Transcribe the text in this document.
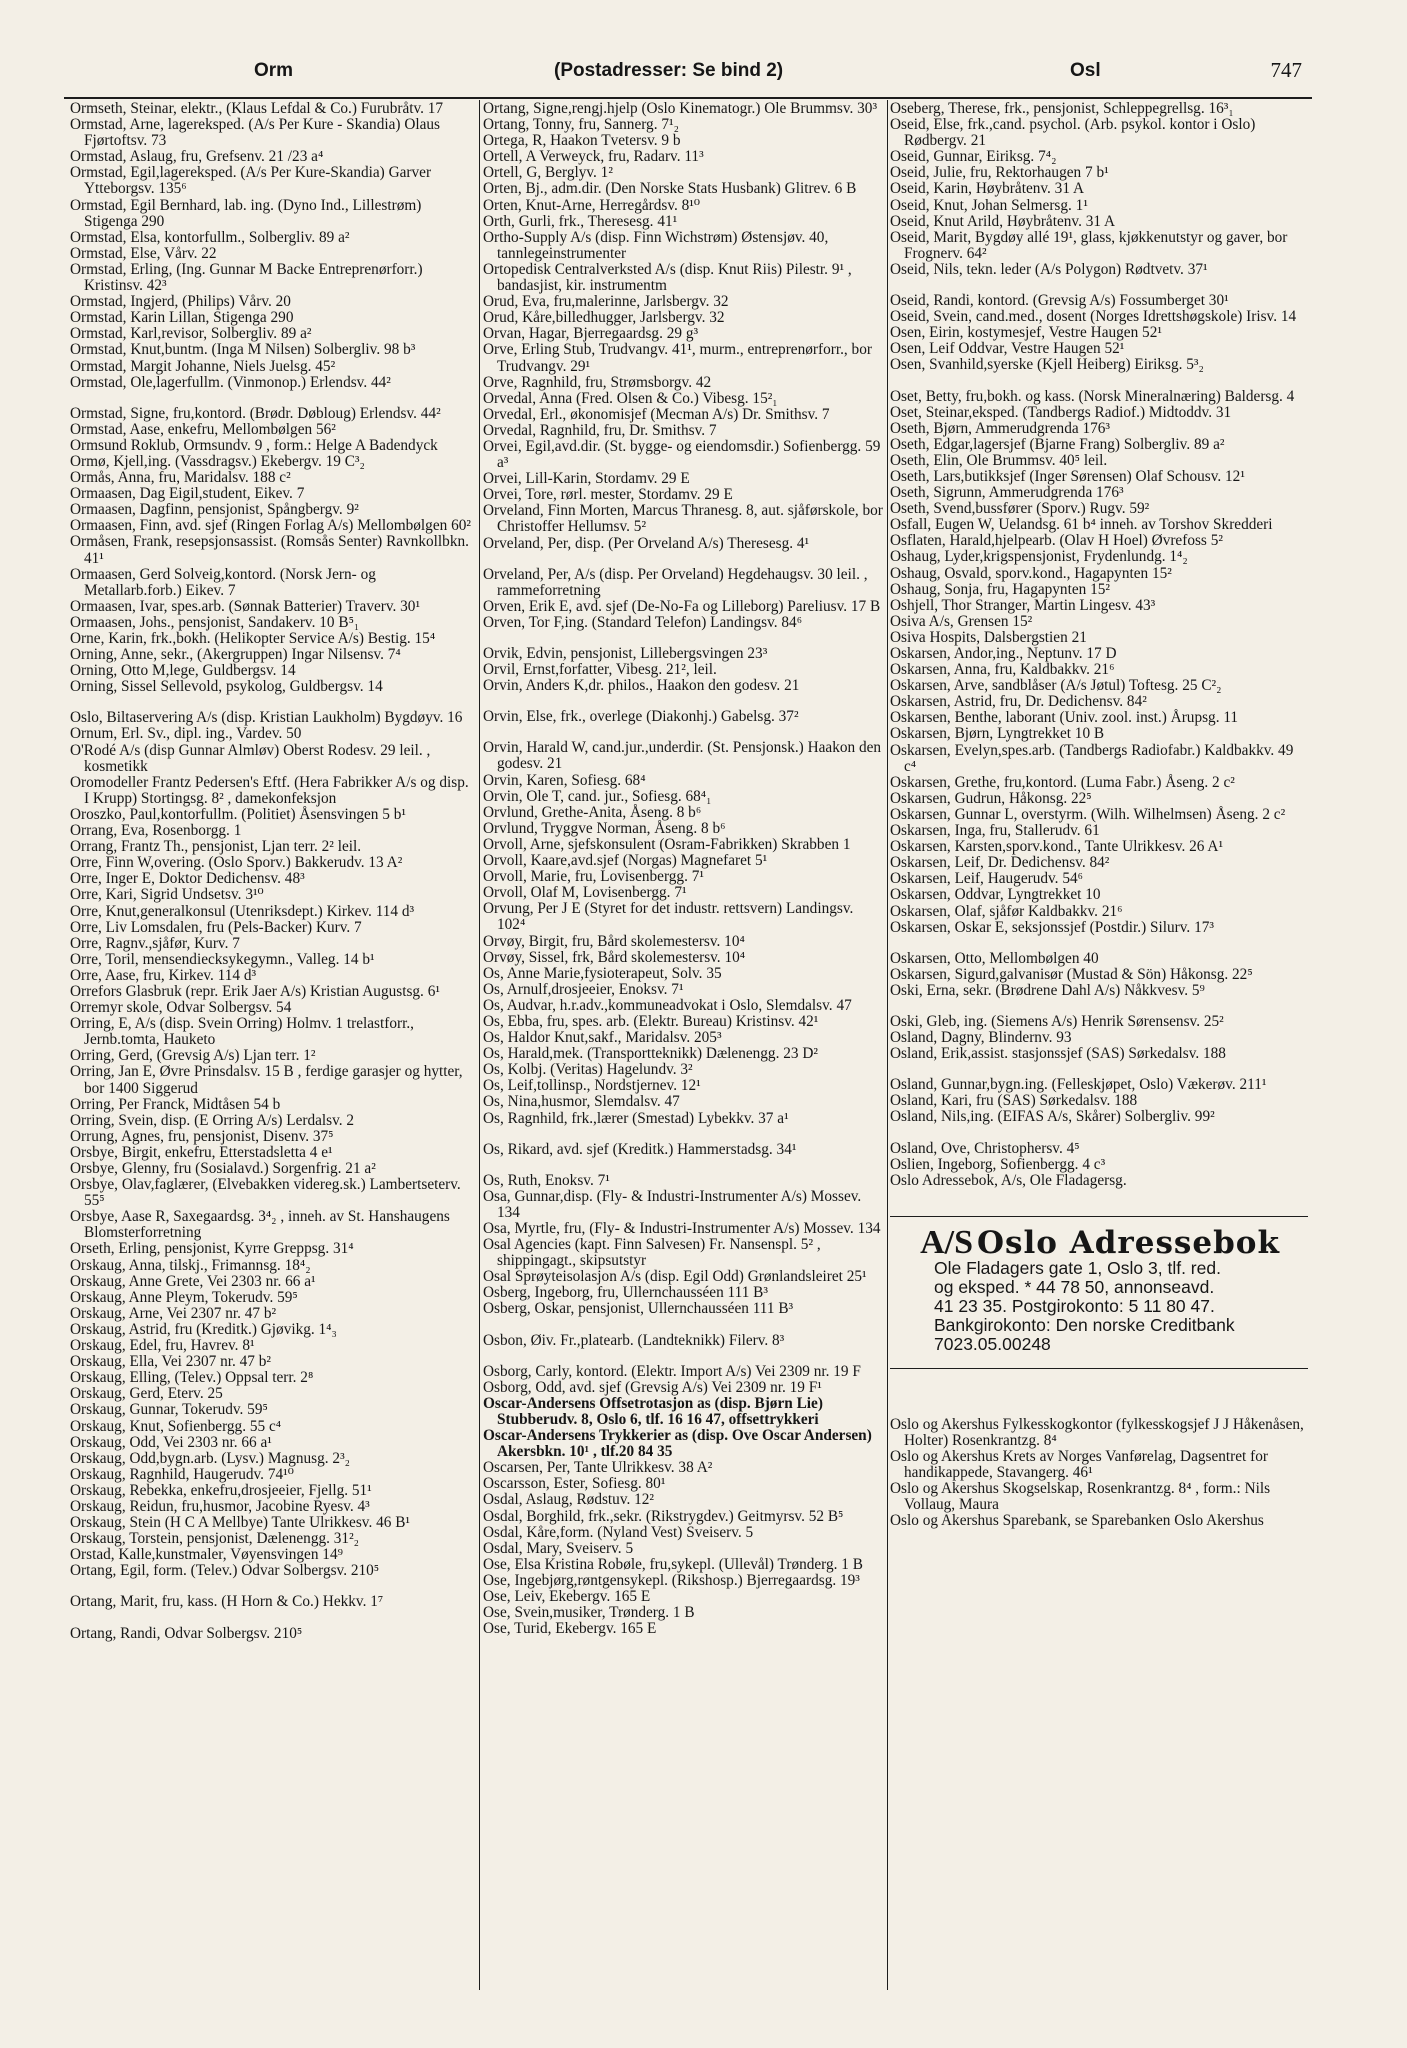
Orm	(Postadresser: Se bind 2)	Osl	747

Ormseth, Steinar, elektr., (Klaus Lefdal & Co.) Furubråtv. 17

Ormstad, Arne, lagereksped. (A/s Per Kure - Skandia) Olaus Fjørtoftsv. 73

Ormstad, Aslaug, fru, Grefsenv. 21 /23 a⁴

Ormstad, Egil,lagereksped. (A/s Per Kure-Skandia) Garver Ytteborgsv. 135⁶

Ormstad, Egil Bernhard, lab. ing. (Dyno Ind., Lillestrøm) Stigenga 290

Ormstad, Elsa, kontorfullm., Solbergliv. 89 a²

Ormstad, Else, Vårv. 22

Ormstad, Erling, (Ing. Gunnar M Backe Entreprenørforr.) Kristinsv. 42³

Ormstad, Ingjerd, (Philips) Vårv. 20

Ormstad, Karin Lillan, Stigenga 290

Ormstad, Karl,revisor, Solbergliv. 89 a²

Ormstad, Knut,buntm. (Inga M Nilsen) Solbergliv. 98 b³

Ormstad, Margit Johanne, Niels Juelsg. 45²

Ormstad, Ole,lagerfullm. (Vinmonop.) Erlendsv. 44²

Ormstad, Signe, fru,kontord. (Brødr. Døbloug) Erlendsv. 44²

Ormstad, Aase, enkefru, Mellombølgen 56²

Ormsund Roklub, Ormsundv. 9 , form.: Helge A Badendyck

Ormø, Kjell,ing. (Vassdragsv.) Ekebergv. 19 C³₂

Ormås, Anna, fru, Maridalsv. 188 c²

Ormaasen, Dag Eigil,student, Eikev. 7

Ormaasen, Dagfinn, pensjonist, Spångbergv. 9²

Ormaasen, Finn, avd. sjef (Ringen Forlag A/s) Mellombølgen 60²

Ormåsen, Frank, resepsjonsassist. (Romsås Senter) Ravnkollbkn. 41¹

Ormaasen, Gerd Solveig,kontord. (Norsk Jern- og Metallarb.forb.) Eikev. 7

Ormaasen, Ivar, spes.arb. (Sønnak Batterier) Traverv. 30¹

Ormaasen, Johs., pensjonist, Sandakerv. 10 B⁵₁

Orne, Karin, frk.,bokh. (Helikopter Service A/s) Bestig. 15⁴

Orning, Anne, sekr., (Akergruppen) Ingar Nilsensv. 7⁴

Orning, Otto M,lege, Guldbergsv. 14

Orning, Sissel Sellevold, psykolog, Guldbergsv. 14

Oslo, Biltaservering A/s (disp. Kristian Laukholm) Bygdøyv. 16

Ornum, Erl. Sv., dipl. ing., Vardev. 50

O'Rodé A/s (disp Gunnar Almløv) Oberst Rodesv. 29 leil. , kosmetikk

Oromodeller Frantz Pedersen's Eftf. (Hera Fabrikker A/s og disp. I Krupp) Stortingsg. 8² , damekonfeksjon

Oroszko, Paul,kontorfullm. (Politiet) Åsensvingen 5 b¹

Orrang, Eva, Rosenborgg. 1

Orrang, Frantz Th., pensjonist, Ljan terr. 2² leil.

Orre, Finn W,overing. (Oslo Sporv.) Bakkerudv. 13 A²

Orre, Inger E, Doktor Dedichensv. 48³

Orre, Kari, Sigrid Undsetsv. 3¹⁰

Orre, Knut,generalkonsul (Utenriksdept.) Kirkev. 114 d³

Orre, Liv Lomsdalen, fru (Pels-Backer) Kurv. 7

Orre, Ragnv.,sjåfør, Kurv. 7

Orre, Toril, mensendiecksykegymn., Valleg. 14 b¹

Orre, Aase, fru, Kirkev. 114 d³

Orrefors Glasbruk (repr. Erik Jaer A/s) Kristian Augustsg. 6¹

Orremyr skole, Odvar Solbergsv. 54

Orring, E, A/s (disp. Svein Orring) Holmv. 1 trelastforr., Jernb.tomta, Hauketo

Orring, Gerd, (Grevsig A/s) Ljan terr. 1²

Orring, Jan E, Øvre Prinsdalsv. 15 B , ferdige garasjer og hytter, bor 1400 Siggerud

Orring, Per Franck, Midtåsen 54 b

Orring, Svein, disp. (E Orring A/s) Lerdalsv. 2

Orrung, Agnes, fru, pensjonist, Disenv. 37⁵

Orsbye, Birgit, enkefru, Etterstadsletta 4 e¹

Orsbye, Glenny, fru (Sosialavd.) Sorgenfrig. 21 a²

Orsbye, Olav,faglærer, (Elvebakken videreg.sk.) Lambertseterv. 55⁵

Orsbye, Aase R, Saxegaardsg. 3⁴₂ , inneh. av St. Hanshaugens Blomsterforretning

Orseth, Erling, pensjonist, Kyrre Greppsg. 31⁴

Orskaug, Anna, tilskj., Frimannsg. 18⁴₂

Orskaug, Anne Grete, Vei 2303 nr. 66 a¹

Orskaug, Anne Pleym, Tokerudv. 59⁵

Orskaug, Arne, Vei 2307 nr. 47 b²

Orskaug, Astrid, fru (Kreditk.) Gjøvikg. 1⁴₃

Orskaug, Edel, fru, Havrev. 8¹

Orskaug, Ella, Vei 2307 nr. 47 b²

Orskaug, Elling, (Telev.) Oppsal terr. 2⁸

Orskaug, Gerd, Eterv. 25

Orskaug, Gunnar, Tokerudv. 59⁵

Orskaug, Knut, Sofienbergg. 55 c⁴

Orskaug, Odd, Vei 2303 nr. 66 a¹

Orskaug, Odd,bygn.arb. (Lysv.) Magnusg. 2³₂

Orskaug, Ragnhild, Haugerudv. 74¹⁰

Orskaug, Rebekka, enkefru,drosjeeier, Fjellg. 51¹

Orskaug, Reidun, fru,husmor, Jacobine Ryesv. 4³

Orskaug, Stein (H C A Mellbye) Tante Ulrikkesv. 46 B¹

Orskaug, Torstein, pensjonist, Dælenengg. 31²₂

Orstad, Kalle,kunstmaler, Vøyensvingen 14⁹

Ortang, Egil, form. (Telev.) Odvar Solbergsv. 210⁵

Ortang, Marit, fru, kass. (H Horn & Co.) Hekkv. 1⁷

Ortang, Randi, Odvar Solbergsv. 210⁵

Ortang, Signe,rengj.hjelp (Oslo Kinematogr.) Ole Brummsv. 30³

Ortang, Tonny, fru, Sannerg. 7¹₂

Ortega, R, Haakon Tvetersv. 9 b

Ortell, A Verweyck, fru, Radarv. 11³

Ortell, G, Berglyv. 1²

Orten, Bj., adm.dir. (Den Norske Stats Husbank) Glitrev. 6 B

Orten, Knut-Arne, Herregårdsv. 8¹⁰

Orth, Gurli, frk., Theresesg. 41¹

Ortho-Supply A/s (disp. Finn Wichstrøm) Østensjøv. 40, tannlegeinstrumenter

Ortopedisk Centralverksted A/s (disp. Knut Riis) Pilestr. 9¹ , bandasjist, kir. instrumentm

Orud, Eva, fru,malerinne, Jarlsbergv. 32

Orud, Kåre,billedhugger, Jarlsbergv. 32

Orvan, Hagar, Bjerregaardsg. 29 g³

Orve, Erling Stub, Trudvangv. 41¹, murm., entreprenørforr., bor Trudvangv. 29¹

Orve, Ragnhild, fru, Strømsborgv. 42

Orvedal, Anna (Fred. Olsen & Co.) Vibesg. 15²₁

Orvedal, Erl., økonomisjef (Mecman A/s) Dr. Smithsv. 7

Orvedal, Ragnhild, fru, Dr. Smithsv. 7

Orvei, Egil,avd.dir. (St. bygge- og eiendomsdir.) Sofienbergg. 59 a³

Orvei, Lill-Karin, Stordamv. 29 E

Orvei, Tore, rørl. mester, Stordamv. 29 E

Orveland, Finn Morten, Marcus Thranesg. 8, aut. sjåførskole, bor Christoffer Hellumsv. 5²

Orveland, Per, disp. (Per Orveland A/s) Theresesg. 4¹

Orveland, Per, A/s (disp. Per Orveland) Hegdehaugsv. 30 leil. , rammeforretning

Orven, Erik E, avd. sjef (De-No-Fa og Lilleborg) Pareliusv. 17 B

Orven, Tor F,ing. (Standard Telefon) Landingsv. 84⁶

Orvik, Edvin, pensjonist, Lillebergsvingen 23³

Orvil, Ernst,forfatter, Vibesg. 21², leil.

Orvin, Anders K,dr. philos., Haakon den godesv. 21

Orvin, Else, frk., overlege (Diakonhj.) Gabelsg. 37²

Orvin, Harald W, cand.jur.,underdir. (St. Pensjonsk.) Haakon den godesv. 21

Orvin, Karen, Sofiesg. 68⁴

Orvin, Ole T, cand. jur., Sofiesg. 68⁴₁

Orvlund, Grethe-Anita, Åseng. 8 b⁶

Orvlund, Tryggve Norman, Åseng. 8 b⁶

Orvoll, Arne, sjefskonsulent (Osram-Fabrikken) Skrabben 1

Orvoll, Kaare,avd.sjef (Norgas) Magnefaret 5¹

Orvoll, Marie, fru, Lovisenbergg. 7¹

Orvoll, Olaf M, Lovisenbergg. 7¹

Orvung, Per J E (Styret for det industr. rettsvern) Landingsv. 102⁴

Orvøy, Birgit, fru, Bård skolemestersv. 10⁴

Orvøy, Sissel, frk, Bård skolemestersv. 10⁴

Os, Anne Marie,fysioterapeut, Solv. 35

Os, Arnulf,drosjeeier, Enoksv. 7¹

Os, Audvar, h.r.adv.,kommuneadvokat i Oslo, Slemdalsv. 47

Os, Ebba, fru, spes. arb. (Elektr. Bureau) Kristinsv. 42¹

Os, Haldor Knut,sakf., Maridalsv. 205³

Os, Harald,mek. (Transportteknikk) Dælenengg. 23 D²

Os, Kolbj. (Veritas) Hagelundv. 3²

Os, Leif,tollinsp., Nordstjernev. 12¹

Os, Nina,husmor, Slemdalsv. 47

Os, Ragnhild, frk.,lærer (Smestad) Lybekkv. 37 a¹

Os, Rikard, avd. sjef (Kreditk.) Hammerstadsg. 34¹

Os, Ruth, Enoksv. 7¹

Osa, Gunnar,disp. (Fly- & Industri-Instrumenter A/s) Mossev. 134

Osa, Myrtle, fru, (Fly- & Industri-Instrumenter A/s) Mossev. 134

Osal Agencies (kapt. Finn Salvesen) Fr. Nansenspl. 5² , shippingagt., skipsutstyr

Osal Sprøyteisolasjon A/s (disp. Egil Odd) Grønlandsleiret 25¹

Osberg, Ingeborg, fru, Ullernchausséen 111 B³

Osberg, Oskar, pensjonist, Ullernchausséen 111 B³

Osbon, Øiv. Fr.,platearb. (Landteknikk) Filerv. 8³

Osborg, Carly, kontord. (Elektr. Import A/s) Vei 2309 nr. 19 F

Osborg, Odd, avd. sjef (Grevsig A/s) Vei 2309 nr. 19 F¹

Oscar-Andersens Offsetrotasjon as (disp. Bjørn Lie) Stubberudv. 8, Oslo 6, tlf. 16 16 47, offsettrykkeri

Oscar-Andersens Trykkerier as (disp. Ove Oscar Andersen) Akersbkn. 10¹ , tlf.20 84 35

Oscarsen, Per, Tante Ulrikkesv. 38 A²

Oscarsson, Ester, Sofiesg. 80¹

Osdal, Aslaug, Rødstuv. 12²

Osdal, Borghild, frk.,sekr. (Rikstrygdev.) Geitmyrsv. 52 B⁵

Osdal, Kåre,form. (Nyland Vest) Sveiserv. 5

Osdal, Mary, Sveiserv. 5

Ose, Elsa Kristina Robøle, fru,sykepl. (Ullevål) Trønderg. 1 B

Ose, Ingebjørg,røntgensykepl. (Rikshosp.) Bjerregaardsg. 19³

Ose, Leiv, Ekebergv. 165 E

Ose, Svein,musiker, Trønderg. 1 B

Ose, Turid, Ekebergv. 165 E

Oseberg, Therese, frk., pensjonist, Schleppegrellsg. 16³₁

Oseid, Else, frk.,cand. psychol. (Arb. psykol. kontor i Oslo) Rødbergv. 21

Oseid, Gunnar, Eiriksg. 7⁴₂

Oseid, Julie, fru, Rektorhaugen 7 b¹

Oseid, Karin, Høybråtenv. 31 A

Oseid, Knut, Johan Selmersg. 1¹

Oseid, Knut Arild, Høybråtenv. 31 A

Oseid, Marit, Bygdøy allé 19¹, glass, kjøkkenutstyr og gaver, bor Frognerv. 64²

Oseid, Nils, tekn. leder (A/s Polygon) Rødtvetv. 37¹

Oseid, Randi, kontord. (Grevsig A/s) Fossumberget 30¹

Oseid, Svein, cand.med., dosent (Norges Idrettshøgskole) Irisv. 14

Osen, Eirin, kostymesjef, Vestre Haugen 52¹

Osen, Leif Oddvar, Vestre Haugen 52¹

Osen, Svanhild,syerske (Kjell Heiberg) Eiriksg. 5³₂

Oset, Betty, fru,bokh. og kass. (Norsk Mineralnæring) Baldersg. 4

Oset, Steinar,eksped. (Tandbergs Radiof.) Midtoddv. 31

Oseth, Bjørn, Ammerudgrenda 176³

Oseth, Edgar,lagersjef (Bjarne Frang) Solbergliv. 89 a²

Oseth, Elin, Ole Brummsv. 40⁵ leil.

Oseth, Lars,butikksjef (Inger Sørensen) Olaf Schousv. 12¹

Oseth, Sigrunn, Ammerudgrenda 176³

Oseth, Svend,bussfører (Sporv.) Rugv. 59²

Osfall, Eugen W, Uelandsg. 61 b⁴ inneh. av Torshov Skredderi

Osflaten, Harald,hjelpearb. (Olav H Hoel) Øvrefoss 5²

Oshaug, Lyder,krigspensjonist, Frydenlundg. 1⁴₂

Oshaug, Osvald, sporv.kond., Hagapynten 15²

Oshaug, Sonja, fru, Hagapynten 15²

Oshjell, Thor Stranger, Martin Lingesv. 43³

Osiva A/s, Grensen 15²

Osiva Hospits, Dalsbergstien 21

Oskarsen, Andor,ing., Neptunv. 17 D

Oskarsen, Anna, fru, Kaldbakkv. 21⁶

Oskarsen, Arve, sandblåser (A/s Jøtul) Toftesg. 25 C²₂

Oskarsen, Astrid, fru, Dr. Dedichensv. 84²

Oskarsen, Benthe, laborant (Univ. zool. inst.) Årupsg. 11

Oskarsen, Bjørn, Lyngtrekket 10 B

Oskarsen, Evelyn,spes.arb. (Tandbergs Radiofabr.) Kaldbakkv. 49 c⁴

Oskarsen, Grethe, fru,kontord. (Luma Fabr.) Åseng. 2 c²

Oskarsen, Gudrun, Håkonsg. 22⁵

Oskarsen, Gunnar L, overstyrm. (Wilh. Wilhelmsen) Åseng. 2 c²

Oskarsen, Inga, fru, Stallerudv. 61

Oskarsen, Karsten,sporv.kond., Tante Ulrikkesv. 26 A¹

Oskarsen, Leif, Dr. Dedichensv. 84²

Oskarsen, Leif, Haugerudv. 54⁶

Oskarsen, Oddvar, Lyngtrekket 10

Oskarsen, Olaf, sjåfør Kaldbakkv. 21⁶

Oskarsen, Oskar E, seksjonssjef (Postdir.) Silurv. 17³

Oskarsen, Otto, Mellombølgen 40

Oskarsen, Sigurd,galvanisør (Mustad & Sön) Håkonsg. 22⁵

Oski, Erna, sekr. (Brødrene Dahl A/s) Nåkkvesv. 5⁹

Oski, Gleb, ing. (Siemens A/s) Henrik Sørensensv. 25²

Osland, Dagny, Blindernv. 93

Osland, Erik,assist. stasjonssjef (SAS) Sørkedalsv. 188

Osland, Gunnar,bygn.ing. (Felleskjøpet, Oslo) Vækerøv. 211¹

Osland, Kari, fru (SAS) Sørkedalsv. 188

Osland, Nils,ing. (EIFAS A/s, Skårer) Solbergliv. 99²

Osland, Ove, Christophersv. 4⁵

Oslien, Ingeborg, Sofienbergg. 4 c³

Oslo Adressebok, A/s, Ole Fladagersg.

A/S Oslo Adressebok
Ole Fladagers gate 1, Oslo 3, tlf. red.
og eksped. * 44 78 50, annonseavd.
41 23 35. Postgirokonto: 5 11 80 47.
Bankgirokonto: Den norske Creditbank
7023.05.00248

Oslo og Akershus Fylkesskogkontor (fylkesskogsjef J J Håkenåsen, Holter) Rosenkrantzg. 8⁴

Oslo og Akershus Krets av Norges Vanførelag, Dagsentret for handikappede, Stavangerg. 46¹

Oslo og Akershus Skogselskap, Rosenkrantzg. 8⁴ , form.: Nils Vollaug, Maura

Oslo og Akershus Sparebank, se Sparebanken Oslo Akershus
